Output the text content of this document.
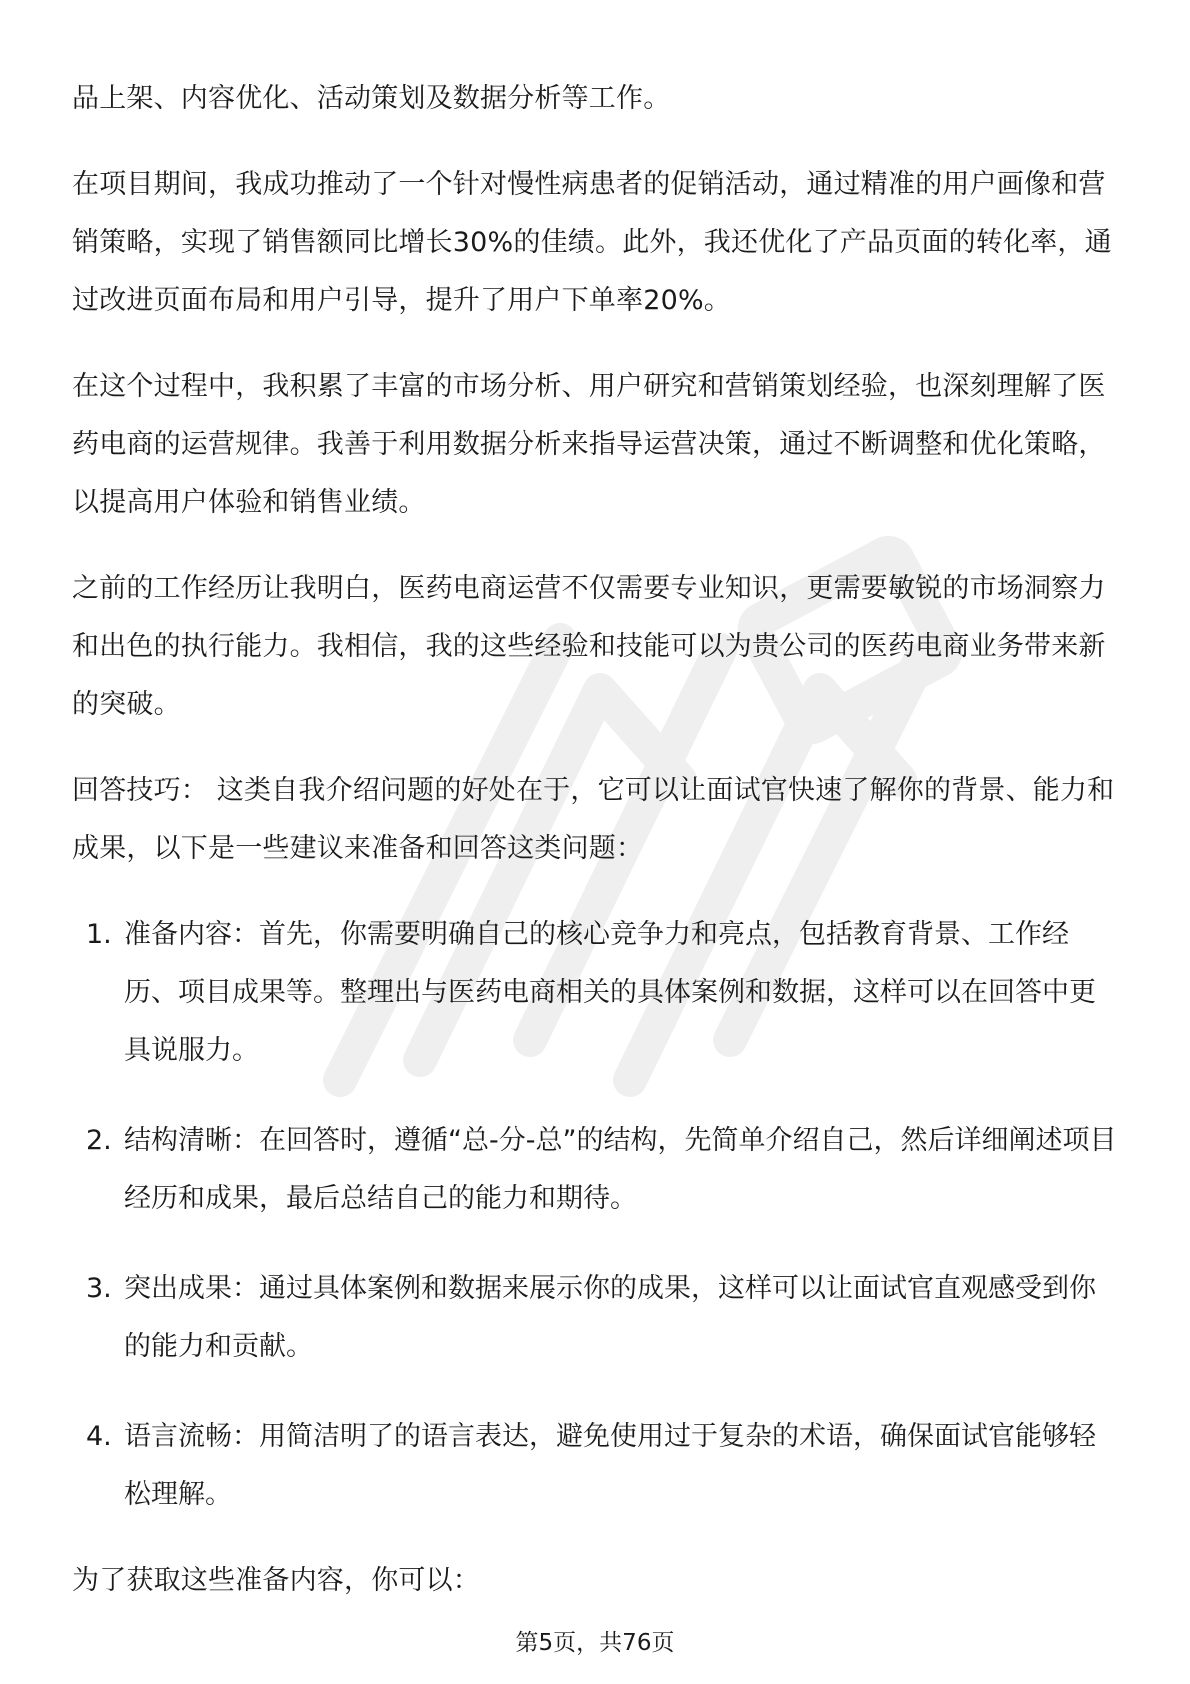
品上架、内容优化、活动策划及数据分析等工作。

在项目期间，我成功推动了一个针对慢性病患者的促销活动，通过精准的用户画像和营销策略，实现了销售额同比增长30%的佳绩。此外，我还优化了产品页面的转化率，通过改进页面布局和用户引导，提升了用户下单率20%。

在这个过程中，我积累了丰富的市场分析、用户研究和营销策划经验，也深刻理解了医药电商的运营规律。我善于利用数据分析来指导运营决策，通过不断调整和优化策略，以提高用户体验和销售业绩。

之前的工作经历让我明白，医药电商运营不仅需要专业知识，更需要敏锐的市场洞察力和出色的执行能力。我相信，我的这些经验和技能可以为贵公司的医药电商业务带来新的突破。

回答技巧： 这类自我介绍问题的好处在于，它可以让面试官快速了解你的背景、能力和成果，以下是一些建议来准备和回答这类问题：

1. 准备内容：首先，你需要明确自己的核心竞争力和亮点，包括教育背景、工作经历、项目成果等。整理出与医药电商相关的具体案例和数据，这样可以在回答中更具说服力。
2. 结构清晰：在回答时，遵循“总-分-总”的结构，先简单介绍自己，然后详细阐述项目经历和成果，最后总结自己的能力和期待。
3. 突出成果：通过具体案例和数据来展示你的成果，这样可以让面试官直观感受到你的能力和贡献。
4. 语言流畅：用简洁明了的语言表达，避免使用过于复杂的术语，确保面试官能够轻松理解。

为了获取这些准备内容，你可以：

第5页，共76页
